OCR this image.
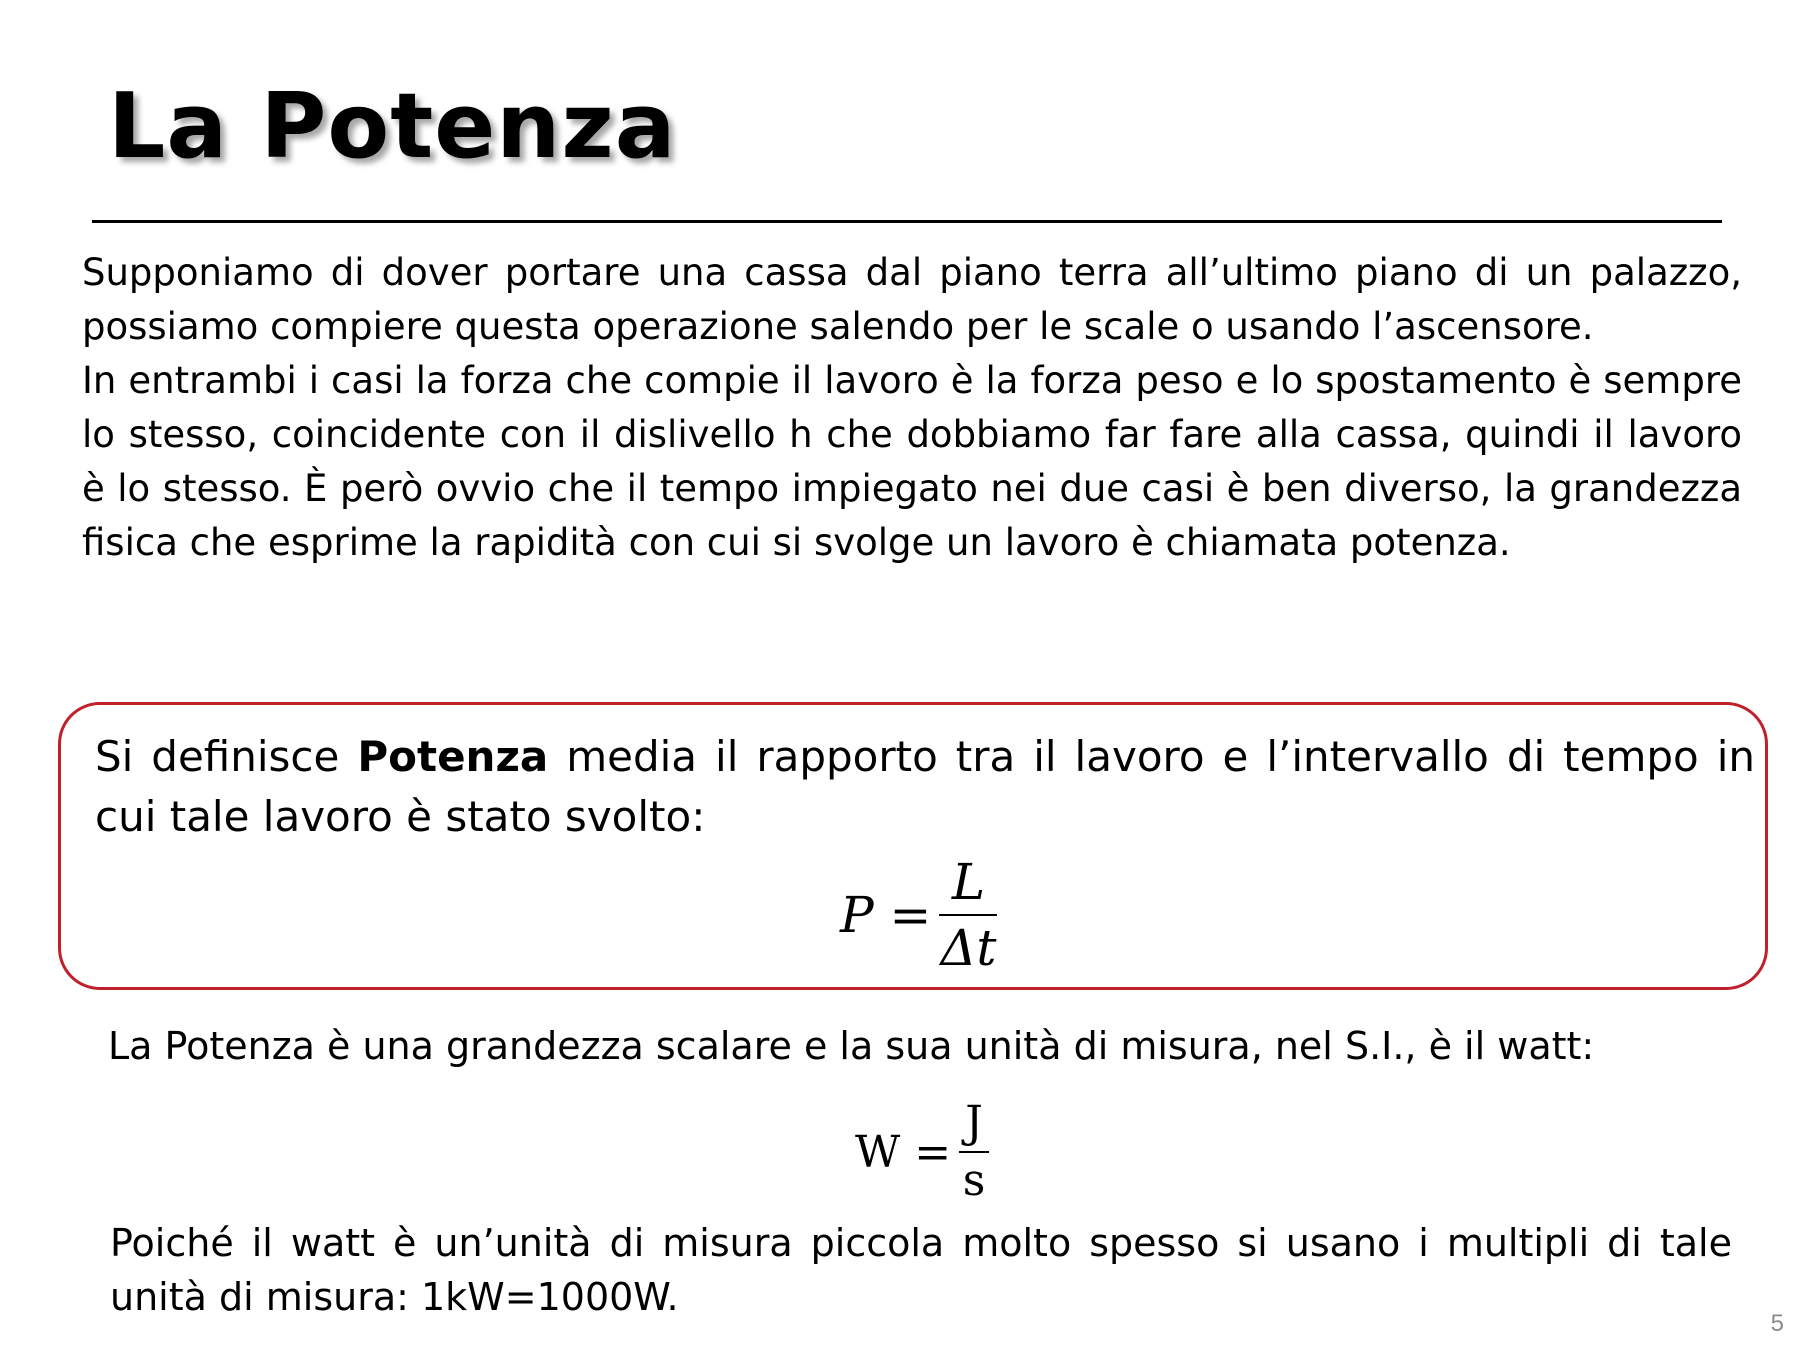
La Potenza

Supponiamo di dover portare una cassa dal piano terra all’ultimo piano di un palazzo, possiamo compiere questa operazione salendo per le scale o usando l’ascensore.

In entrambi i casi la forza che compie il lavoro è la forza peso e lo spostamento è sempre lo stesso, coincidente con il dislivello h che dobbiamo far fare alla cassa, quindi il lavoro è lo stesso. È però ovvio che il tempo impiegato nei due casi è ben diverso, la grandezza fisica che esprime la rapidità con cui si svolge un lavoro è chiamata potenza.

Si definisce Potenza media il rapporto tra il lavoro e l’intervallo di tempo in cui tale lavoro è stato svolto:

$P = \frac{L}{\Delta t}$

La Potenza è una grandezza scalare e la sua unità di misura, nel S.I., è il watt:

$W = \frac{J}{s}$

Poiché il watt è un’unità di misura piccola molto spesso si usano i multipli di tale unità di misura: 1kW=1000W.

5
